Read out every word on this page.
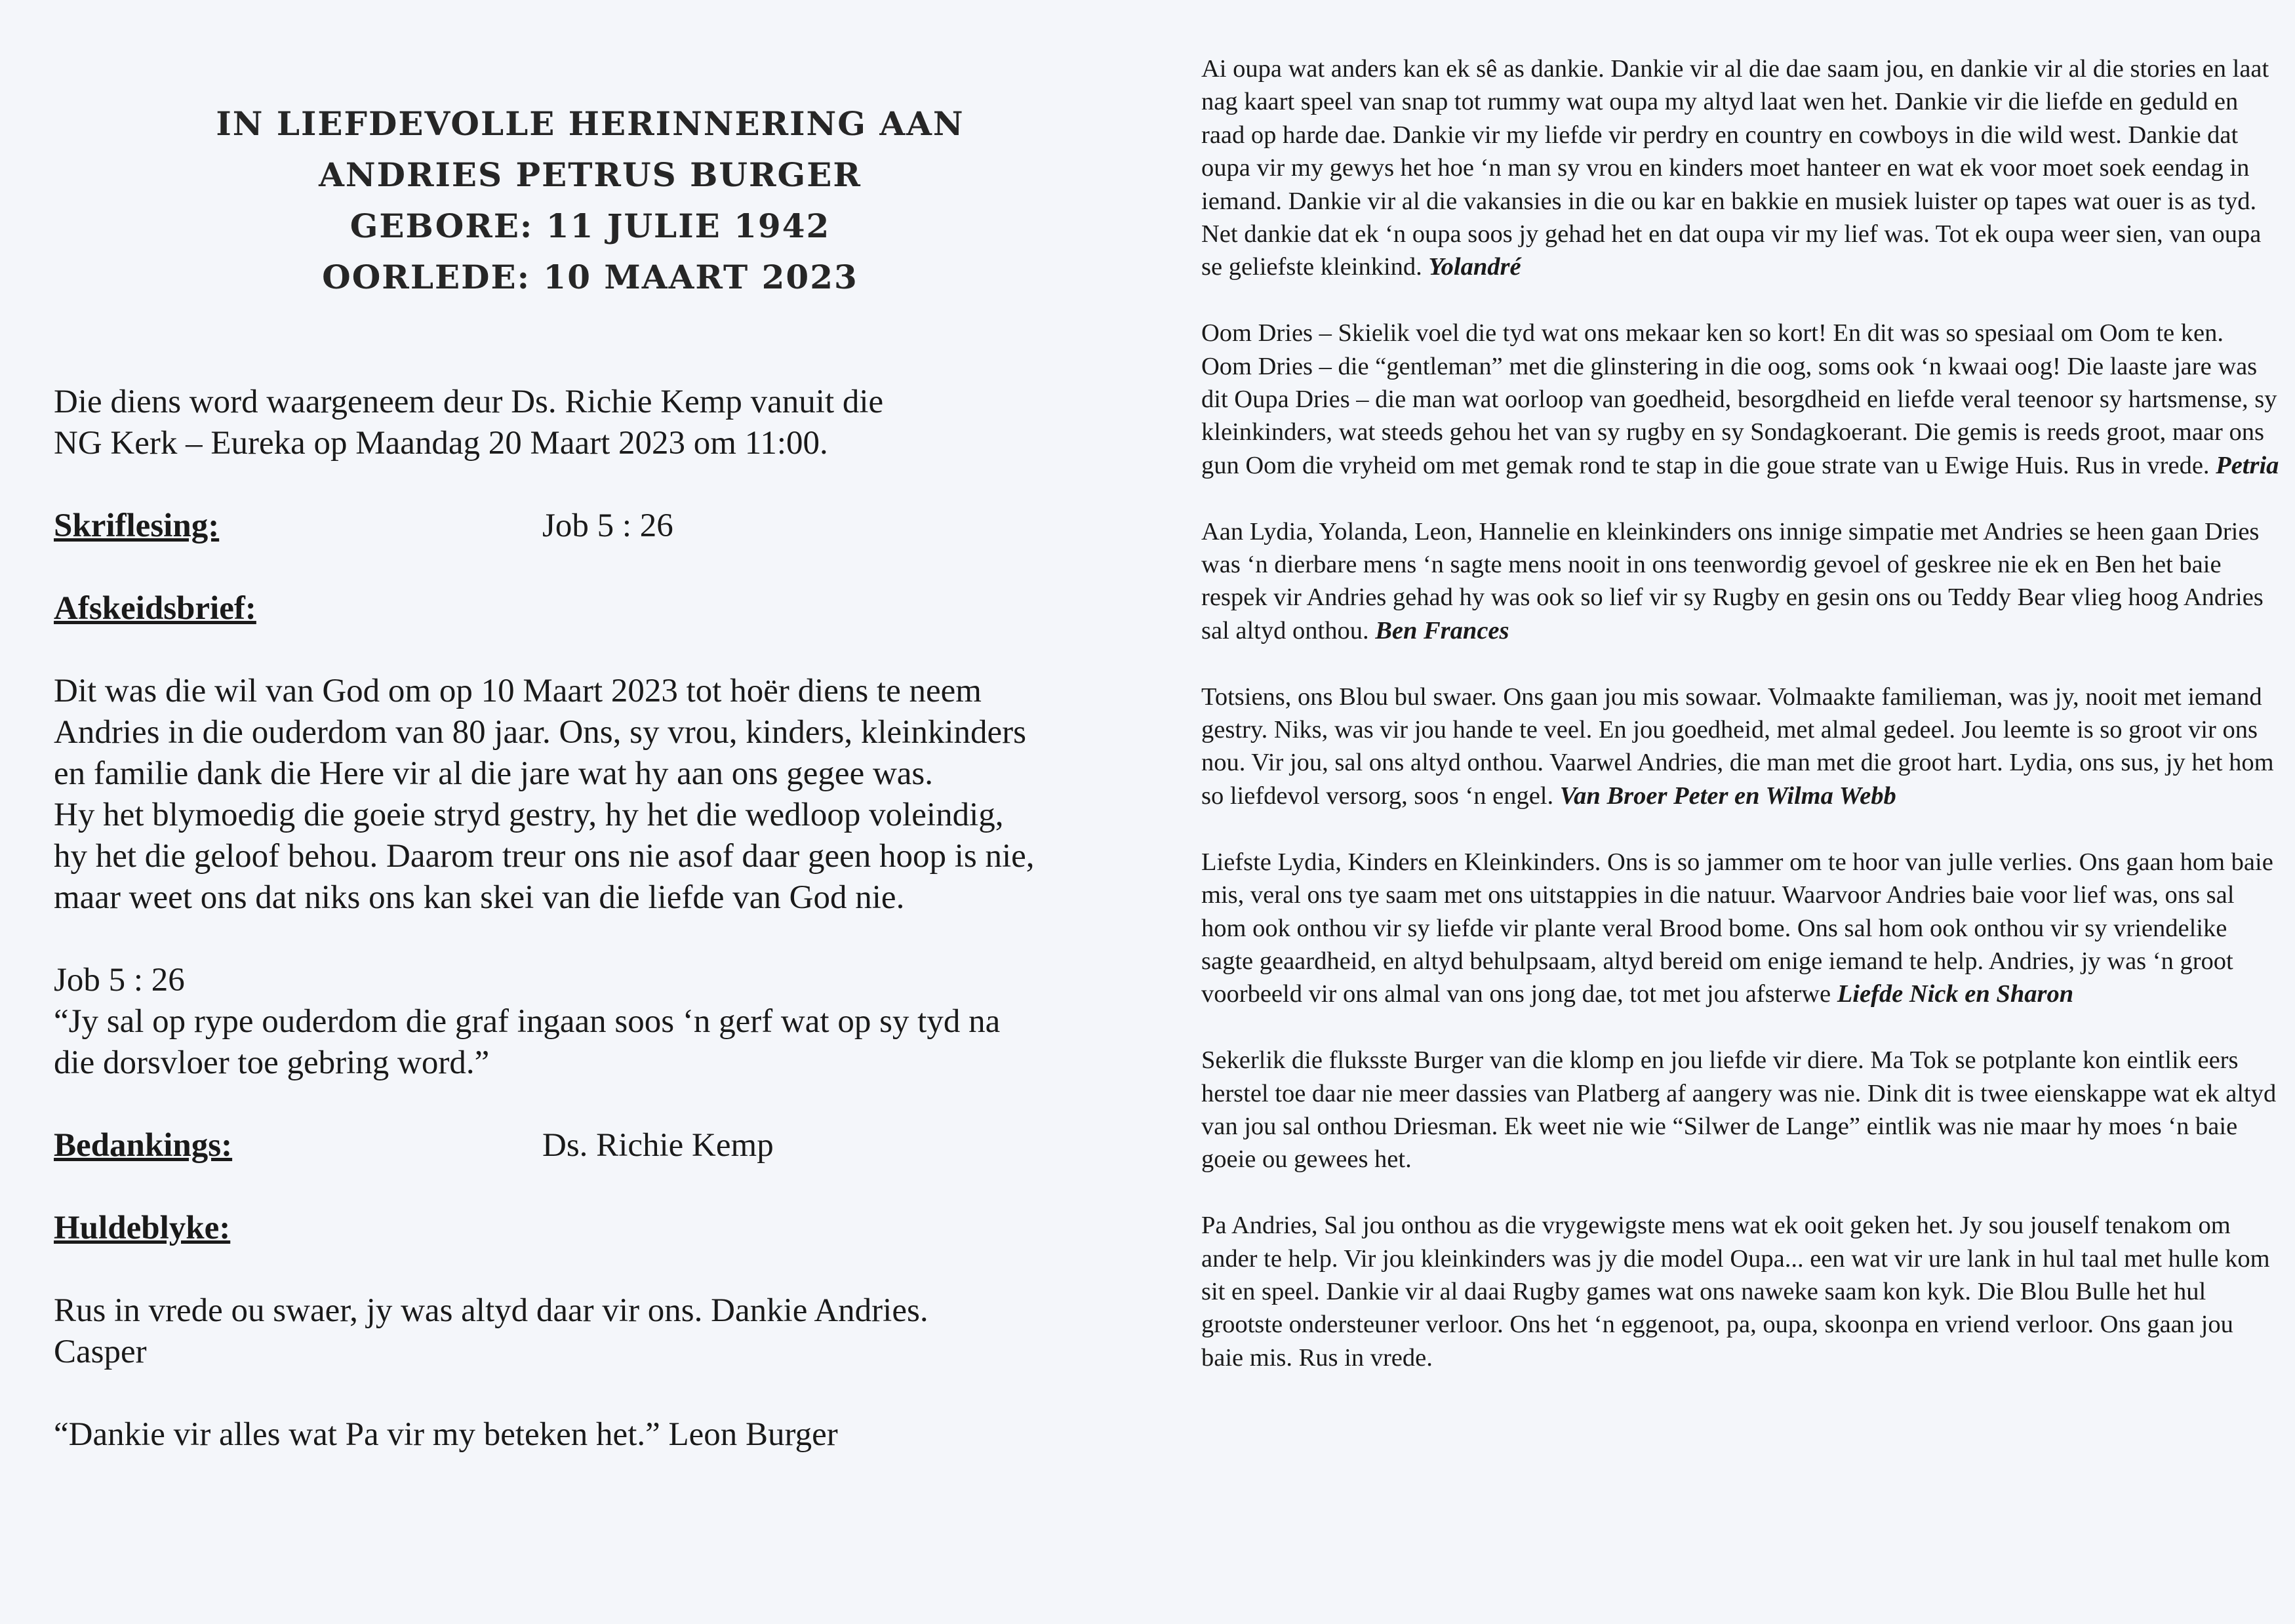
IN LIEFDEVOLLE HERINNERING AAN
ANDRIES PETRUS BURGER
GEBORE: 11 JULIE 1942
OORLEDE: 10 MAART 2023

Die diens word waargeneem deur Ds. Richie Kemp vanuit die

NG Kerk – Eureka op Maandag 20 Maart 2023 om 11:00.

Skriflesing:	Job 5 : 26

Afskeidsbrief:

Dit was die wil van God om op 10 Maart 2023 tot hoër diens te neem

Andries in die ouderdom van 80 jaar. Ons, sy vrou, kinders, kleinkinders

en familie dank die Here vir al die jare wat hy aan ons gegee was.

Hy het blymoedig die goeie stryd gestry, hy het die wedloop voleindig,

hy het die geloof behou. Daarom treur ons nie asof daar geen hoop is nie,

maar weet ons dat niks ons kan skei van die liefde van God nie.

Job 5 : 26

“Jy sal op rype ouderdom die graf ingaan soos ‘n gerf wat op sy tyd na

die dorsvloer toe gebring word.”

Bedankings:	Ds. Richie Kemp

Huldeblyke:

Rus in vrede ou swaer, jy was altyd daar vir ons. Dankie Andries.

Casper

“Dankie vir alles wat Pa vir my beteken het.” Leon Burger

Ai oupa wat anders kan ek sê as dankie. Dankie vir al die dae saam jou, en dankie vir al die stories en laat nag kaart speel van snap tot rummy wat oupa my altyd laat wen het. Dankie vir die liefde en geduld en raad op harde dae. Dankie vir my liefde vir perdry en country en cowboys in die wild west. Dankie dat oupa vir my gewys het hoe ‘n man sy vrou en kinders moet hanteer en wat ek voor moet soek eendag in iemand. Dankie vir al die vakansies in die ou kar en bakkie en musiek luister op tapes wat ouer is as tyd. Net dankie dat ek ‘n oupa soos jy gehad het en dat oupa vir my lief was. Tot ek oupa weer sien, van oupa se geliefste kleinkind. Yolandré

Oom Dries – Skielik voel die tyd wat ons mekaar ken so kort! En dit was so spesiaal om Oom te ken. Oom Dries – die “gentleman” met die glinstering in die oog, soms ook ‘n kwaai oog! Die laaste jare was dit Oupa Dries – die man wat oorloop van goedheid, besorgdheid en liefde veral teenoor sy hartsmense, sy kleinkinders, wat steeds gehou het van sy rugby en sy Sondagkoerant. Die gemis is reeds groot, maar ons gun Oom die vryheid om met gemak rond te stap in die goue strate van u Ewige Huis. Rus in vrede. Petria

Aan Lydia, Yolanda, Leon, Hannelie en kleinkinders ons innige simpatie met Andries se heen gaan Dries was ‘n dierbare mens ‘n sagte mens nooit in ons teenwordig gevoel of geskree nie ek en Ben het baie respek vir Andries gehad hy was ook so lief vir sy Rugby en gesin ons ou Teddy Bear vlieg hoog Andries sal altyd onthou. Ben Frances

Totsiens, ons Blou bul swaer. Ons gaan jou mis sowaar. Volmaakte familieman, was jy, nooit met iemand gestry. Niks, was vir jou hande te veel. En jou goedheid, met almal gedeel. Jou leemte is so groot vir ons nou. Vir jou, sal ons altyd onthou. Vaarwel Andries, die man met die groot hart. Lydia, ons sus, jy het hom so liefdevol versorg, soos ‘n engel. Van Broer Peter en Wilma Webb

Liefste Lydia, Kinders en Kleinkinders. Ons is so jammer om te hoor van julle verlies. Ons gaan hom baie mis, veral ons tye saam met ons uitstappies in die natuur. Waarvoor Andries baie voor lief was, ons sal hom ook onthou vir sy liefde vir plante veral Brood bome. Ons sal hom ook onthou vir sy vriendelike sagte geaardheid, en altyd behulpsaam, altyd bereid om enige iemand te help. Andries, jy was ‘n groot voorbeeld vir ons almal van ons jong dae, tot met jou afsterwe Liefde Nick en Sharon

Sekerlik die fluksste Burger van die klomp en jou liefde vir diere. Ma Tok se potplante kon eintlik eers herstel toe daar nie meer dassies van Platberg af aangery was nie. Dink dit is twee eienskappe wat ek altyd van jou sal onthou Driesman. Ek weet nie wie “Silwer de Lange” eintlik was nie maar hy moes ‘n baie goeie ou gewees het.

Pa Andries, Sal jou onthou as die vrygewigste mens wat ek ooit geken het. Jy sou jouself tenakom om ander te help. Vir jou kleinkinders was jy die model Oupa... een wat vir ure lank in hul taal met hulle kom sit en speel. Dankie vir al daai Rugby games wat ons naweke saam kon kyk. Die Blou Bulle het hul grootste ondersteuner verloor. Ons het ‘n eggenoot, pa, oupa, skoonpa en vriend verloor. Ons gaan jou baie mis. Rus in vrede.
